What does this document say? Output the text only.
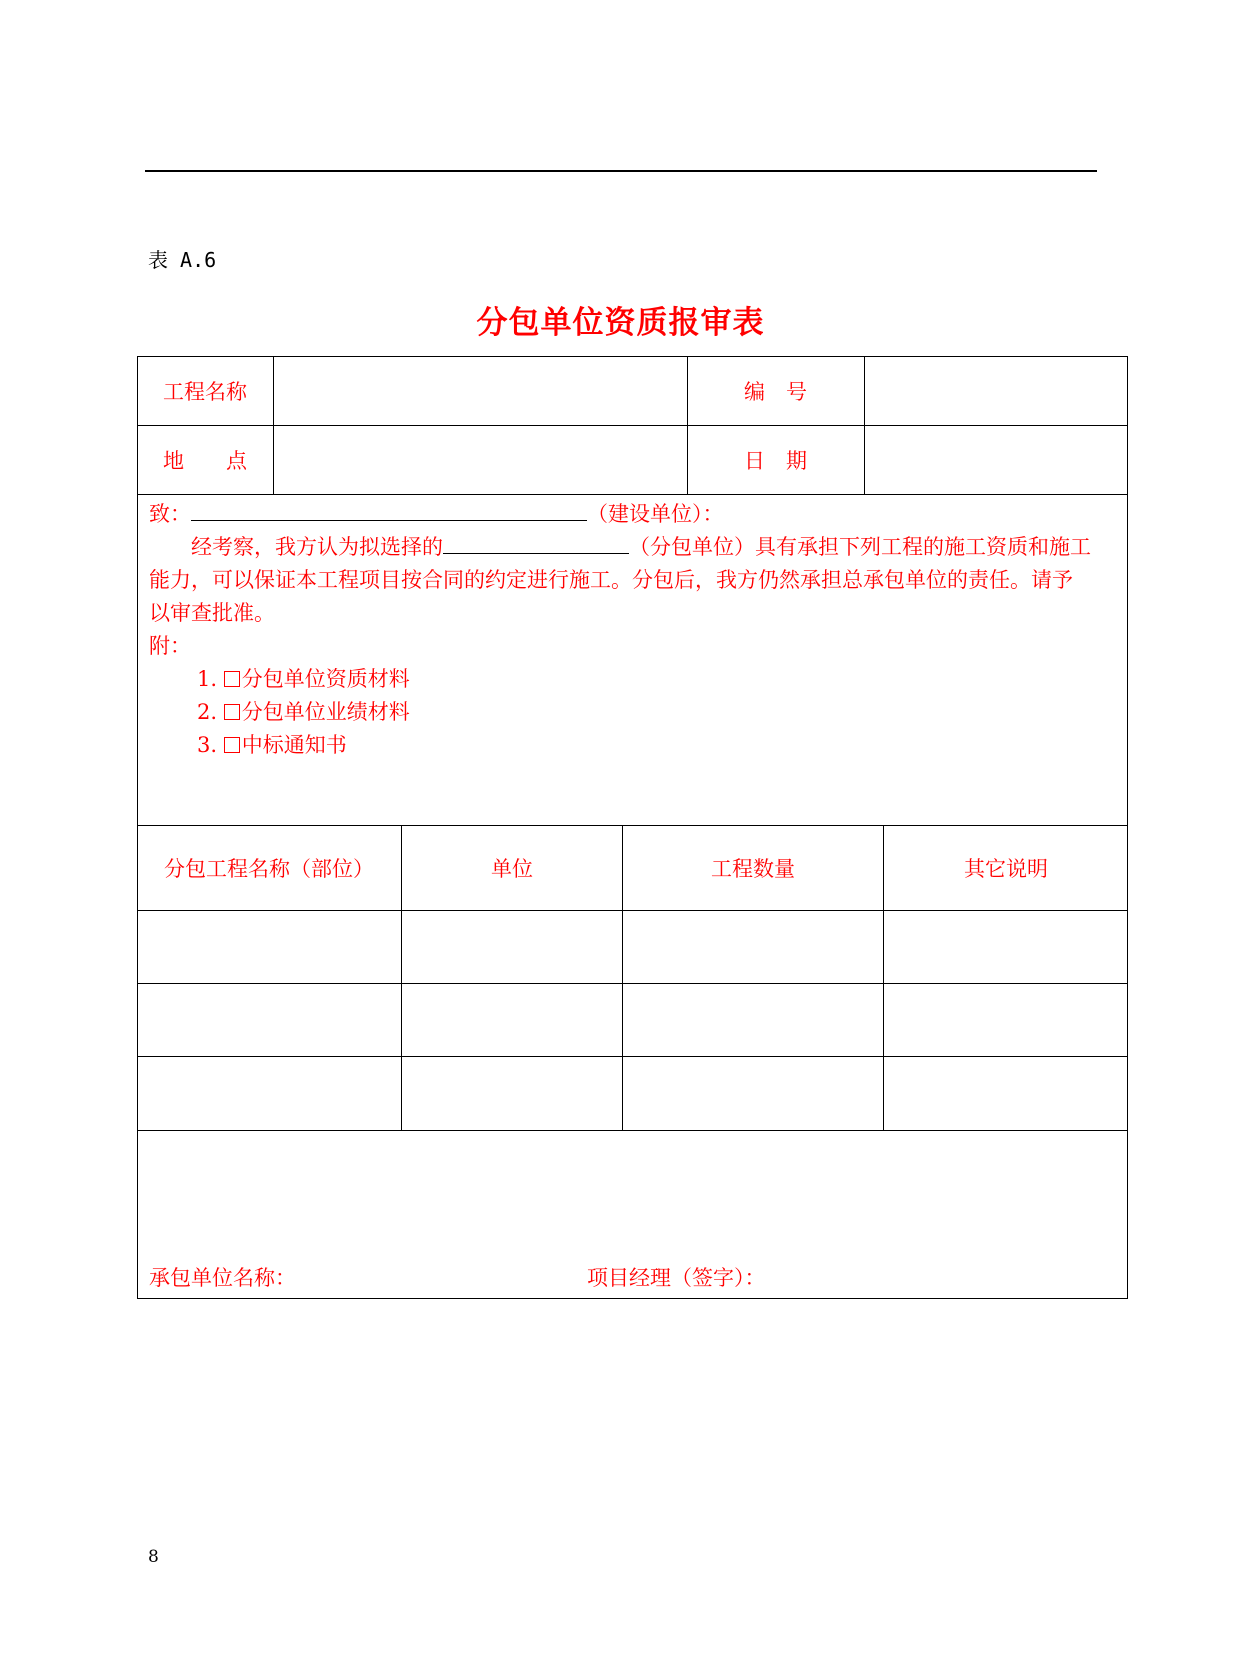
表 A.6
分包单位资质报审表
工程名称	编　号
地　　点	日　期
致：	（建设单位）：
经考察，我方认为拟选择的	（分包单位）具有承担下列工程的施工资质和施工
能力，可以保证本工程项目按合同的约定进行施工。分包后，我方仍然承担总承包单位的责任。请予
以审查批准。
附：
1. 分包单位资质材料
2. 分包单位业绩材料
3. 中标通知书
分包工程名称（部位）	单位	工程数量	其它说明
承包单位名称：	项目经理（签字）：
8
